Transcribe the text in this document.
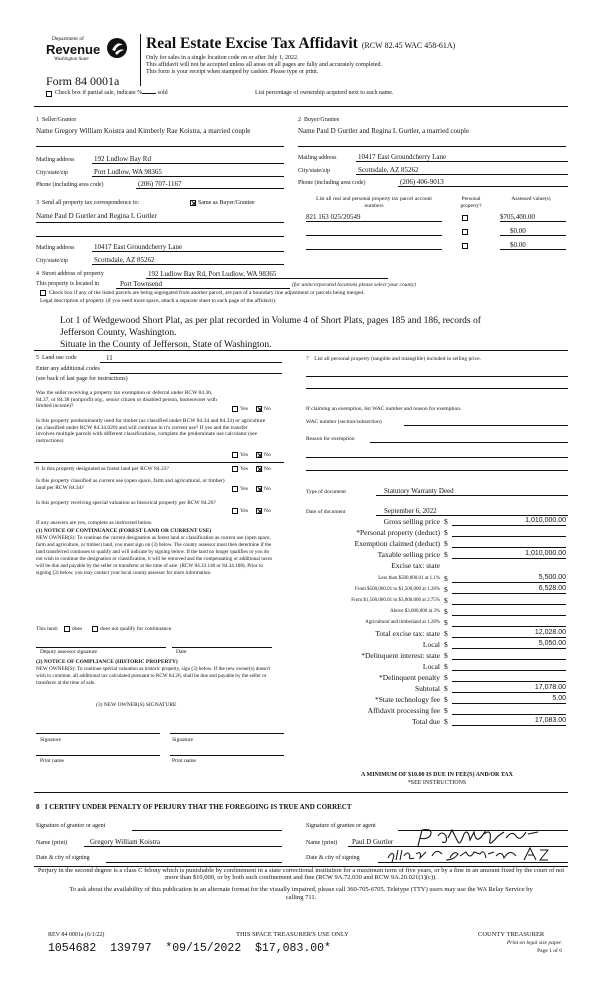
Department of
Revenue
Washington State
Real Estate Excise Tax Affidavit (RCW 82.45 WAC 458-61A)
Only for sales in a single location code on or after July 1, 2022.
This affidavit will not be accepted unless all areas on all pages are fully and accurately completed.
This form is your receipt when stamped by cashier. Please type or print.
Form 84 0001a
Check box if partial sale, indicate %	sold	List percentage of ownership acquired next to each name.
1 Seller/Grantor
Name Gregory William Koistra and Kimberly Rae Koistra, a married couple
Mailing address	192 Ludlow Bay Rd
City/state/zip	Port Ludlow, WA 98365
Phone (including area code)	(206) 707-1167
2 Buyer/Grantee
Name Paul D Gurtler and Regina L Gurtler, a married couple
Mailing address	10417 East Groundcherry Lane
City/state/zip	Scottsdale, AZ 85262
Phone (including area code)	(206) 406-9013
3 Send all property tax correspondence to:	Same as Buyer/Grantee
Name Paul D Gurtler and Regina L Gurtler
Mailing address	10417 East Groundcherry Lane
City/state/zip	Scottsdale, AZ 85262
List all real and personal property tax parcel account numbers
Personal property?
Assessed value(s)
821 163 025/20549	$705,400.00
$0.00
$0.00
4 Street address of property	192 Ludlow Bay Rd, Port Ludlow, WA 98365
This property is located in	Port Townsend	(for unincorporated locations please select your county)
Check box if any of the listed parcels are being segregated from another parcel, are part of a boundary line adjustment or parcels being merged.
Legal description of property (if you need more space, attach a separate sheet to each page of the affidavit).
Lot 1 of Wedgewood Short Plat, as per plat recorded in Volume 4 of Short Plats, pages 185 and 186, records of
Jefferson County, Washington.
Situate in the County of Jefferson, State of Washington.
5 Land use code	11
Enter any additional codes
(see back of last page for instructions)
Was the seller receiving a property tax exemption or deferral under RCW 84.36, 84.37, or 84.38 (nonprofit org., senior citizen or disabled person, homeowner with limited income)?	Yes	No
Is this property predominantly used for timber (as classified under RCW 84.34 and 84.33) or agriculture (as classified under RCW 84.34.020) and will continue in it's current use? If yes and the transfer involves multiple parcels with different classifications, complete the predominate use calculator (see instructions)
Yes	No
6 Is this property designated as forest land per RCW 84.33?	Yes	No
Is this property classified as current use (open space, farm and agricultural, or timber) land per RCW 84.34?	Yes	No
Is this property receiving special valuation as historical property per RCW 84.26?
Yes	No
If any answers are yes, complete as instructed below.
(1) NOTICE OF CONTINUANCE (FOREST LAND OR CURRENT USE)
NEW OWNER(S): To continue the current designation as forest land or classification as current use (open space, farm and agriculture, or timber) land, you must sign on (3) below. The county assessor must then determine if the land transferred continues to qualify and will indicate by signing below. If the land no longer qualifies or you do not wish to continue the designation or classification, it will be removed and the compensating or additional taxes will be due and payable by the seller or transferor at the time of sale. (RCW 84.33.140 or 84.34.108). Prior to signing (3) below, you may contact your local county assessor for more information.
This land:	does	does not qualify for continuance.
Deputy assessor signature	Date
(2) NOTICE OF COMPLIANCE (HISTORIC PROPERTY)
NEW OWNER(S): To continue special valuation as historic property, sign (3) below. If the new owner(s) doesn't wish to continue, all additional tax calculated pursuant to RCW 84.26, shall be due and payable by the seller or transferor at the time of sale.
(3) NEW OWNER(S) SIGNATURE
Signature	Signature
Print name	Print name
7 List all personal property (tangible and intangible) included in selling price.
If claiming an exemption, list WAC number and reason for exemption.
WAC number (section/subsection)
Reason for exemption
Type of document	Statutory Warranty Deed
Date of document	September 6, 2022
Gross selling price $	1,010,000.00
*Personal property (deduct) $
Exemption claimed (deduct) $
Taxable selling price $	1,010,000.00
Excise tax: state
Less than $500,000.01 at 1.1% $	5,500.00
From $500,000.01 to $1,500,000 at 1.28% $	6,528.00
From $1,500,000.01 to $3,000,000 at 2.75% $
Above $3,000,000 at 3% $
Agricultural and timberland at 1.28% $
Total excise tax: state $	12,028.00
Local $	5,050.00
*Delinquent interest: state $
Local $
*Delinquent penalty $
Subtotal $	17,078.00
*State technology fee $	5.00
Affidavit processing fee $
Total due $	17,083.00
A MINIMUM OF $10.00 IS DUE IN FEE(S) AND/OR TAX
*SEE INSTRUCTIONS
8 I CERTIFY UNDER PENALTY OF PERJURY THAT THE FOREGOING IS TRUE AND CORRECT
Signature of grantor or agent	Signature of grantee or agent
Name (print)	Gregory William Koistra	Name (print)	Paul D Gurtler
Date & city of signing	Date & city of signing
Perjury in the second degree is a class C felony which is punishable by confinement in a state correctional institution for a maximum term of five years, or by a fine in an amount fixed by the court of not more than $10,000, or by both such confinement and fine (RCW 9A.72.030 and RCW 9A.20.021(1)(c)).
To ask about the availability of this publication in an alternate format for the visually impaired, please call 360-705-6705. Teletype (TTY) users may use the WA Relay Service by calling 711.
REV 84 0001a (6/1/22)	THIS SPACE TREASURER'S USE ONLY
1054682  139797  *09/15/2022  $17,083.00*
COUNTY TREASURER
Print on legal size paper.
Page 1 of 6
